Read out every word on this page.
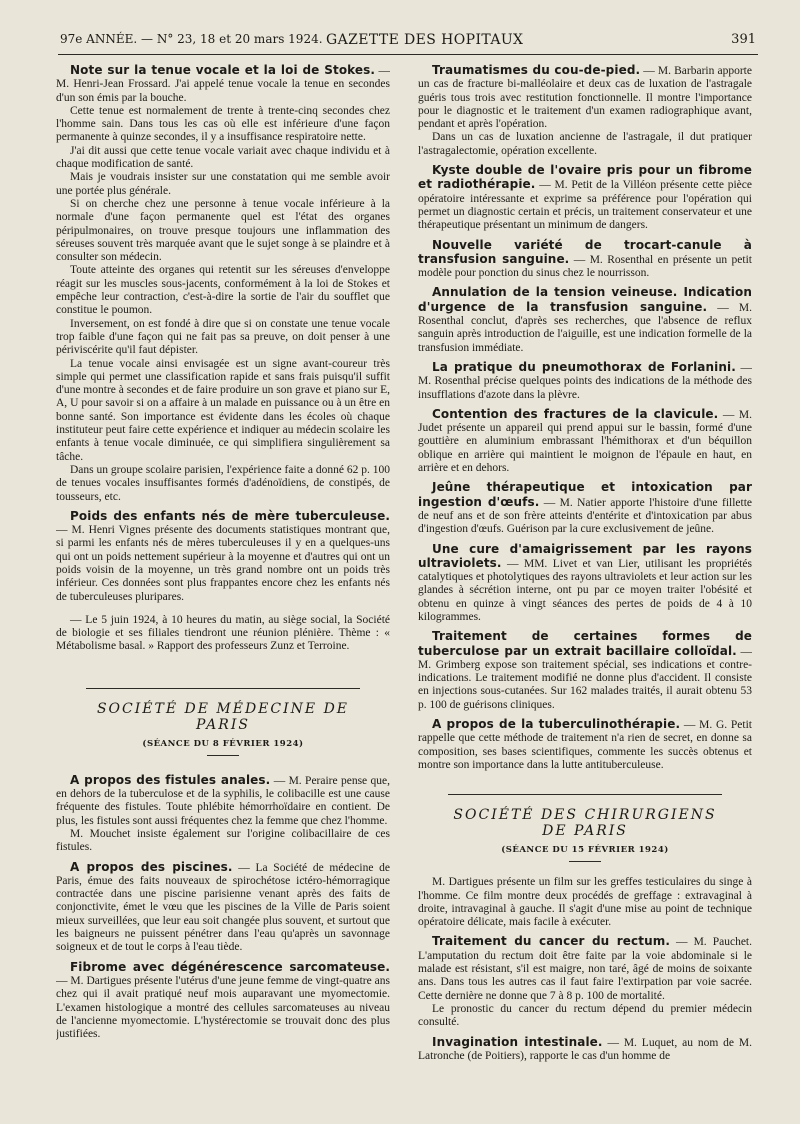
97e ANNÉE. — N° 23, 18 et 20 mars 1924. GAZETTE DES HOPITAUX	391

Note sur la tenue vocale et la loi de Stokes. — M. Henri-Jean Frossard. J'ai appelé tenue vocale la tenue en secondes d'un son émis par la bouche.

Cette tenue est normalement de trente à trente-cinq secondes chez l'homme sain. Dans tous les cas où elle est inférieure d'une façon permanente à quinze secondes, il y a insuffisance respiratoire nette.

J'ai dit aussi que cette tenue vocale variait avec chaque individu et à chaque modification de santé.

Mais je voudrais insister sur une constatation qui me semble avoir une portée plus générale.

Si on cherche chez une personne à tenue vocale inférieure à la normale d'une façon permanente quel est l'état des organes péripulmonaires, on trouve presque toujours une inflammation des séreuses souvent très marquée avant que le sujet songe à se plaindre et à consulter son médecin.

Toute atteinte des organes qui retentit sur les séreuses d'enveloppe réagit sur les muscles sous-jacents, conformément à la loi de Stokes et empêche leur contraction, c'est-à-dire la sortie de l'air du soufflet que constitue le poumon.

Inversement, on est fondé à dire que si on constate une tenue vocale trop faible d'une façon qui ne fait pas sa preuve, on doit penser à une périviscérite qu'il faut dépister.

La tenue vocale ainsi envisagée est un signe avant-coureur très simple qui permet une classification rapide et sans frais puisqu'il suffit d'une montre à secondes et de faire produire un son grave et piano sur E, A, U pour savoir si on a affaire à un malade en puissance ou à un être en bonne santé. Son importance est évidente dans les écoles où chaque instituteur peut faire cette expérience et indiquer au médecin scolaire les enfants à tenue vocale diminuée, ce qui simplifiera singulièrement sa tâche.

Dans un groupe scolaire parisien, l'expérience faite a donné 62 p. 100 de tenues vocales insuffisantes formés d'adénoïdiens, de constipés, de tousseurs, etc.

Poids des enfants nés de mère tuberculeuse. — M. Henri Vignes présente des documents statistiques montrant que, si parmi les enfants nés de mères tuberculeuses il y en a quelques-uns qui ont un poids nettement supérieur à la moyenne et d'autres qui ont un poids voisin de la moyenne, un très grand nombre ont un poids très inférieur. Ces données sont plus frappantes encore chez les enfants nés de tuberculeuses pluripares.

— Le 5 juin 1924, à 10 heures du matin, au siège social, la Société de biologie et ses filiales tiendront une réunion plénière. Thème : « Métabolisme basal. » Rapport des professeurs Zunz et Terroine.

SOCIÉTÉ DE MÉDECINE DE PARIS
(SÉANCE DU 8 FÉVRIER 1924)

A propos des fistules anales. — M. Peraire pense que, en dehors de la tuberculose et de la syphilis, le colibacille est une cause fréquente des fistules. Toute phlébite hémorrhoïdaire en contient. De plus, les fistules sont aussi fréquentes chez la femme que chez l'homme.

M. Mouchet insiste également sur l'origine colibacillaire de ces fistules.

A propos des piscines. — La Société de médecine de Paris, émue des faits nouveaux de spirochétose ictéro-hémorragique contractée dans une piscine parisienne venant après des faits de conjonctivite, émet le vœu que les piscines de la Ville de Paris soient mieux surveillées, que leur eau soit changée plus souvent, et surtout que les baigneurs ne puissent pénétrer dans l'eau qu'après un savonnage soigneux et de tout le corps à l'eau tiède.

Fibrome avec dégénérescence sarcomateuse. — M. Dartigues présente l'utérus d'une jeune femme de vingt-quatre ans chez qui il avait pratiqué neuf mois auparavant une myomectomie. L'examen histologique a montré des cellules sarcomateuses au niveau de l'ancienne myomectomie. L'hystérectomie se trouvait donc des plus justifiées.

Traumatismes du cou-de-pied. — M. Barbarin apporte un cas de fracture bi-malléolaire et deux cas de luxation de l'astragale guéris tous trois avec restitution fonctionnelle. Il montre l'importance pour le diagnostic et le traitement d'un examen radiographique avant, pendant et après l'opération.

Dans un cas de luxation ancienne de l'astragale, il dut pratiquer l'astragalectomie, opération excellente.

Kyste double de l'ovaire pris pour un fibrome et radiothérapie. — M. Petit de la Villéon présente cette pièce opératoire intéressante et exprime sa préférence pour l'opération qui permet un diagnostic certain et précis, un traitement conservateur et une thérapeutique présentant un minimum de dangers.

Nouvelle variété de trocart-canule à transfusion sanguine. — M. Rosenthal en présente un petit modèle pour ponction du sinus chez le nourrisson.

Annulation de la tension veineuse. Indication d'urgence de la transfusion sanguine. — M. Rosenthal conclut, d'après ses recherches, que l'absence de reflux sanguin après introduction de l'aiguille, est une indication formelle de la transfusion immédiate.

La pratique du pneumothorax de Forlanini. — M. Rosenthal précise quelques points des indications de la méthode des insufflations d'azote dans la plèvre.

Contention des fractures de la clavicule. — M. Judet présente un appareil qui prend appui sur le bassin, formé d'une gouttière en aluminium embrassant l'hémithorax et d'un béquillon oblique en arrière qui maintient le moignon de l'épaule en haut, en arrière et en dehors.

Jeûne thérapeutique et intoxication par ingestion d'œufs. — M. Natier apporte l'histoire d'une fillette de neuf ans et de son frère atteints d'entérite et d'intoxication par abus d'ingestion d'œufs. Guérison par la cure exclusivement de jeûne.

Une cure d'amaigrissement par les rayons ultraviolets. — MM. Livet et van Lier, utilisant les propriétés catalytiques et photolytiques des rayons ultraviolets et leur action sur les glandes à sécrétion interne, ont pu par ce moyen traiter l'obésité et obtenu en quinze à vingt séances des pertes de poids de 4 à 10 kilogrammes.

Traitement de certaines formes de tuberculose par un extrait bacillaire colloïdal. — M. Grimberg expose son traitement spécial, ses indications et contre-indications. Le traitement modifié ne donne plus d'accident. Il consiste en injections sous-cutanées. Sur 162 malades traités, il aurait obtenu 53 p. 100 de guérisons cliniques.

A propos de la tuberculinothérapie. — M. G. Petit rappelle que cette méthode de traitement n'a rien de secret, en donne sa composition, ses bases scientifiques, commente les succès obtenus et montre son importance dans la lutte antituberculeuse.

SOCIÉTÉ DES CHIRURGIENS DE PARIS
(SÉANCE DU 15 FÉVRIER 1924)

M. Dartigues présente un film sur les greffes testiculaires du singe à l'homme. Ce film montre deux procédés de greffage : extravaginal à droite, intravaginal à gauche. Il s'agit d'une mise au point de technique opératoire délicate, mais facile à exécuter.

Traitement du cancer du rectum. — M. Pauchet. L'amputation du rectum doit être faite par la voie abdominale si le malade est résistant, s'il est maigre, non taré, âgé de moins de soixante ans. Dans tous les autres cas il faut faire l'extirpation par voie sacrée. Cette dernière ne donne que 7 à 8 p. 100 de mortalité.

Le pronostic du cancer du rectum dépend du premier médecin consulté.

Invagination intestinale. — M. Luquet, au nom de M. Latronche (de Poitiers), rapporte le cas d'un homme de
